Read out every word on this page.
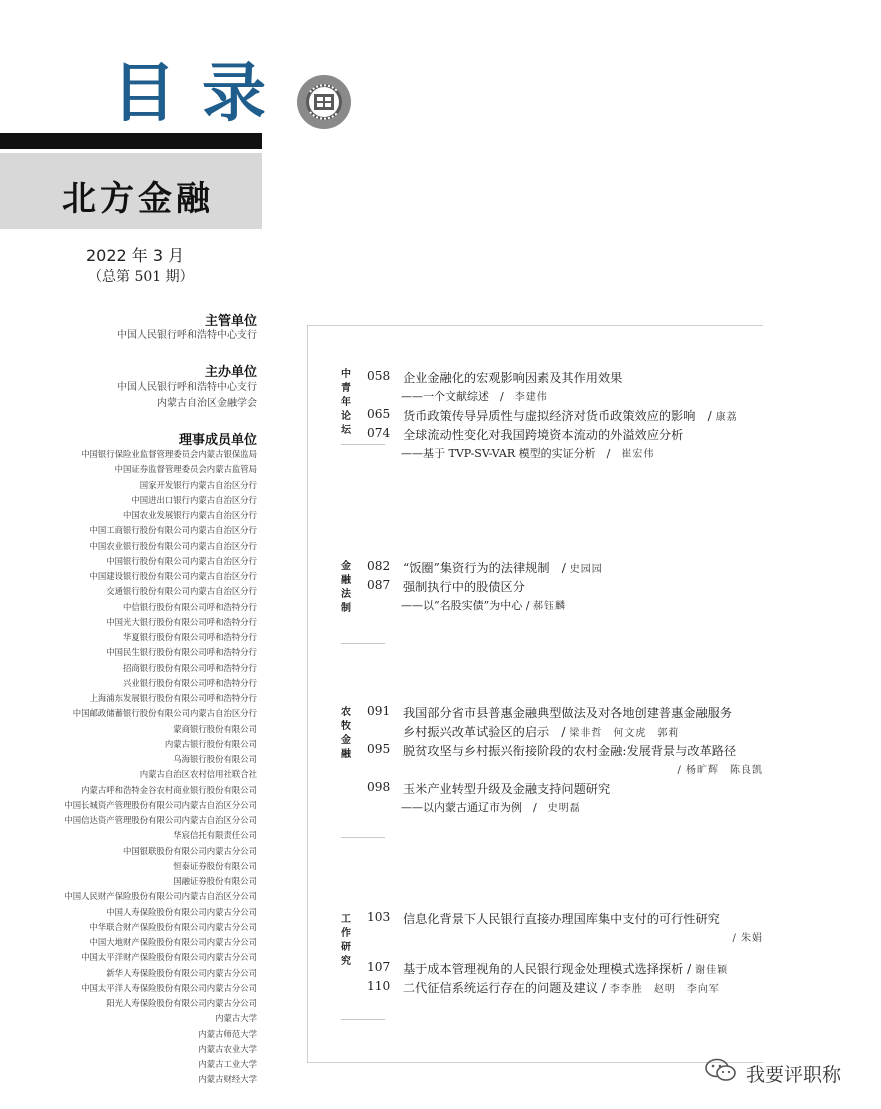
目录
北方金融
2022 年 3 月
（总第 501 期）
主管单位
中国人民银行呼和浩特中心支行
主办单位
中国人民银行呼和浩特中心支行
内蒙古自治区金融学会
理事成员单位
中国银行保险业监督管理委员会内蒙古银保监局
中国证券监督管理委员会内蒙古监管局
国家开发银行内蒙古自治区分行
中国进出口银行内蒙古自治区分行
中国农业发展银行内蒙古自治区分行
中国工商银行股份有限公司内蒙古自治区分行
中国农业银行股份有限公司内蒙古自治区分行
中国银行股份有限公司内蒙古自治区分行
中国建设银行股份有限公司内蒙古自治区分行
交通银行股份有限公司内蒙古自治区分行
中信银行股份有限公司呼和浩特分行
中国光大银行股份有限公司呼和浩特分行
华夏银行股份有限公司呼和浩特分行
中国民生银行股份有限公司呼和浩特分行
招商银行股份有限公司呼和浩特分行
兴业银行股份有限公司呼和浩特分行
上海浦东发展银行股份有限公司呼和浩特分行
中国邮政储蓄银行股份有限公司内蒙古自治区分行
蒙商银行股份有限公司
内蒙古银行股份有限公司
乌海银行股份有限公司
内蒙古自治区农村信用社联合社
内蒙古呼和浩特金谷农村商业银行股份有限公司
中国长城资产管理股份有限公司内蒙古自治区分公司
中国信达资产管理股份有限公司内蒙古自治区分公司
华宸信托有限责任公司
中国银联股份有限公司内蒙古分公司
恒泰证券股份有限公司
国融证券股份有限公司
中国人民财产保险股份有限公司内蒙古自治区分公司
中国人寿保险股份有限公司内蒙古分公司
中华联合财产保险股份有限公司内蒙古分公司
中国大地财产保险股份有限公司内蒙古分公司
中国太平洋财产保险股份有限公司内蒙古分公司
新华人寿保险股份有限公司内蒙古分公司
中国太平洋人寿保险股份有限公司内蒙古分公司
阳光人寿保险股份有限公司内蒙古分公司
内蒙古大学
内蒙古师范大学
内蒙古农业大学
内蒙古工业大学
内蒙古财经大学
中
青
年
论
坛
058 企业金融化的宏观影响因素及其作用效果
——一个文献综述　/　李建伟
065 货币政策传导异质性与虚拟经济对货币政策效应的影响　/ 康荔
074 全球流动性变化对我国跨境资本流动的外溢效应分析
——基于 TVP-SV-VAR 模型的实证分析　/　崔宏伟
金
融
法
制
082 “饭圈”集资行为的法律规制　/ 史园园
087 强制执行中的股债区分
——以“名股实债”为中心 / 郝钰麟
农
牧
金
融
091 我国部分省市县普惠金融典型做法及对各地创建普惠金融服务
乡村振兴改革试验区的启示　/ 梁非哲　何文虎　郭莉
095 脱贫攻坚与乡村振兴衔接阶段的农村金融:发展背景与改革路径
/ 杨旷辉　陈良凯
098 玉米产业转型升级及金融支持问题研究
——以内蒙古通辽市为例　/　史明磊
工
作
研
究
103 信息化背景下人民银行直接办理国库集中支付的可行性研究
/ 朱娟
107 基于成本管理视角的人民银行现金处理模式选择探析 / 谢佳颖
110 二代征信系统运行存在的问题及建议 / 李李胜　赵明　李向军
我要评职称
